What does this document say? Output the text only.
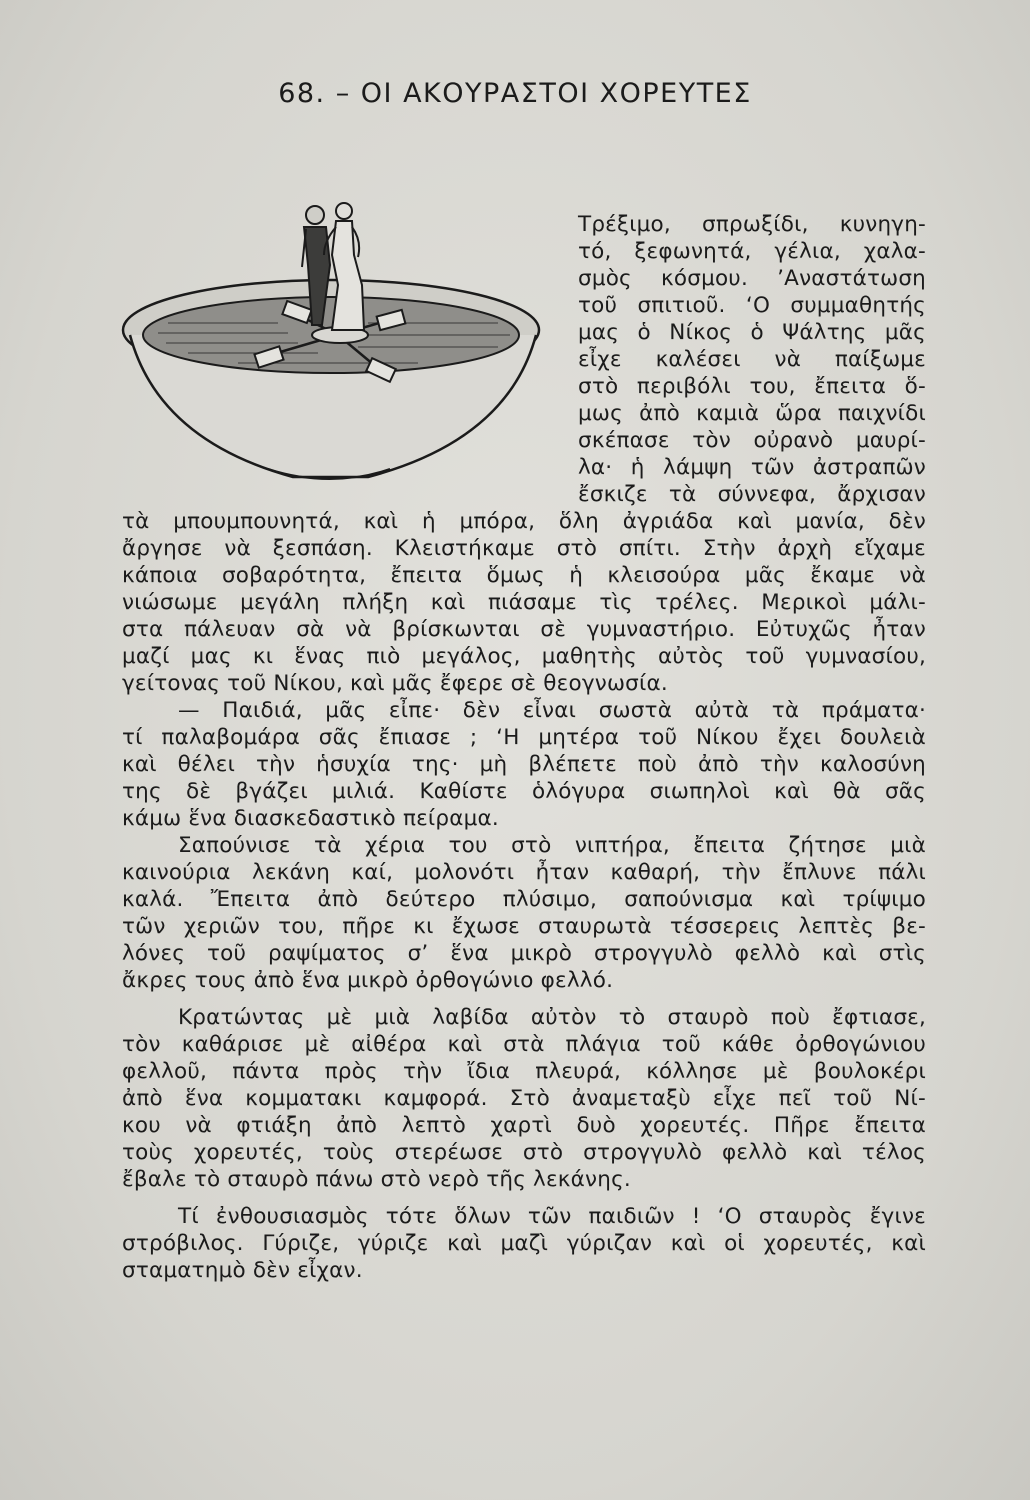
68. – ΟΙ ΑΚΟΥΡΑΣΤΟΙ ΧΟΡΕΥΤΕΣ
Τρέξιμο, σπρωξίδι, κυνηγη-
τό, ξεφωνητά, γέλια, χαλα-
σμὸς κόσμου. ’Αναστάτωση
τοῦ σπιτιοῦ. ‘Ο συμμαθητής
μας ὁ Νίκος ὁ Ψάλτης μᾶς
εἶχε καλέσει νὰ παίξωμε
στὸ περιβόλι του, ἔπειτα ὅ-
μως ἀπὸ καμιὰ ὥρα παιχνίδι
σκέπασε τὸν οὐρανὸ μαυρί-
λα· ἡ λάμψη τῶν ἀστραπῶν
ἔσκιζε τὰ σύννεφα, ἄρχισαν
τὰ μπουμπουνητά, καὶ ἡ μπόρα, ὅλη ἀγριάδα καὶ μανία, δὲν
ἄργησε νὰ ξεσπάση. Κλειστήκαμε στὸ σπίτι. Στὴν ἀρχὴ εἴχαμε
κάποια σοβαρότητα, ἔπειτα ὅμως ἡ κλεισούρα μᾶς ἔκαμε νὰ
νιώσωμε μεγάλη πλήξη καὶ πιάσαμε τὶς τρέλες. Μερικοὶ μάλι-
στα πάλευαν σὰ νὰ βρίσκωνται σὲ γυμναστήριο. Εὐτυχῶς ἦταν
μαζί μας κι ἕνας πιὸ μεγάλος, μαθητὴς αὐτὸς τοῦ γυμνασίου,
γείτονας τοῦ Νίκου, καὶ μᾶς ἔφερε σὲ θεογνωσία.
— Παιδιά, μᾶς εἶπε· δὲν εἶναι σωστὰ αὐτὰ τὰ πράματα·
τί παλαβομάρα σᾶς ἔπιασε ; ‘Η μητέρα τοῦ Νίκου ἔχει δουλειὰ
καὶ θέλει τὴν ἡσυχία της· μὴ βλέπετε ποὺ ἀπὸ τὴν καλοσύνη
της δὲ βγάζει μιλιά. Καθίστε ὁλόγυρα σιωπηλοὶ καὶ θὰ σᾶς
κάμω ἕνα διασκεδαστικὸ πείραμα.
Σαπούνισε τὰ χέρια του στὸ νιπτήρα, ἔπειτα ζήτησε μιὰ
καινούρια λεκάνη καί, μολονότι ἦταν καθαρή, τὴν ἔπλυνε πάλι
καλά. Ἔπειτα ἀπὸ δεύτερο πλύσιμο, σαπούνισμα καὶ τρίψιμο
τῶν χεριῶν του, πῆρε κι ἔχωσε σταυρωτὰ τέσσερεις λεπτὲς βε-
λόνες τοῦ ραψίματος σ’ ἕνα μικρὸ στρογγυλὸ φελλὸ καὶ στὶς
ἄκρες τους ἀπὸ ἕνα μικρὸ ὀρθογώνιο φελλό.
Κρατώντας μὲ μιὰ λαβίδα αὐτὸν τὸ σταυρὸ ποὺ ἔφτιασε,
τὸν καθάρισε μὲ αἰθέρα καὶ στὰ πλάγια τοῦ κάθε ὀρθογώνιου
φελλοῦ, πάντα πρὸς τὴν ἴδια πλευρά, κόλλησε μὲ βουλοκέρι
ἀπὸ ἕνα κομματακι καμφορά. Στὸ ἀναμεταξὺ εἶχε πεῖ τοῦ Νί-
κου νὰ φτιάξη ἀπὸ λεπτὸ χαρτὶ δυὸ χορευτές. Πῆρε ἔπειτα
τοὺς χορευτές, τοὺς στερέωσε στὸ στρογγυλὸ φελλὸ καὶ τέλος
ἔβαλε τὸ σταυρὸ πάνω στὸ νερὸ τῆς λεκάνης.
Τί ἐνθουσιασμὸς τότε ὅλων τῶν παιδιῶν ! ‘Ο σταυρὸς ἔγινε
στρόβιλος. Γύριζε, γύριζε καὶ μαζὶ γύριζαν καὶ οἱ χορευτές, καὶ
σταματημὸ δὲν εἶχαν.
